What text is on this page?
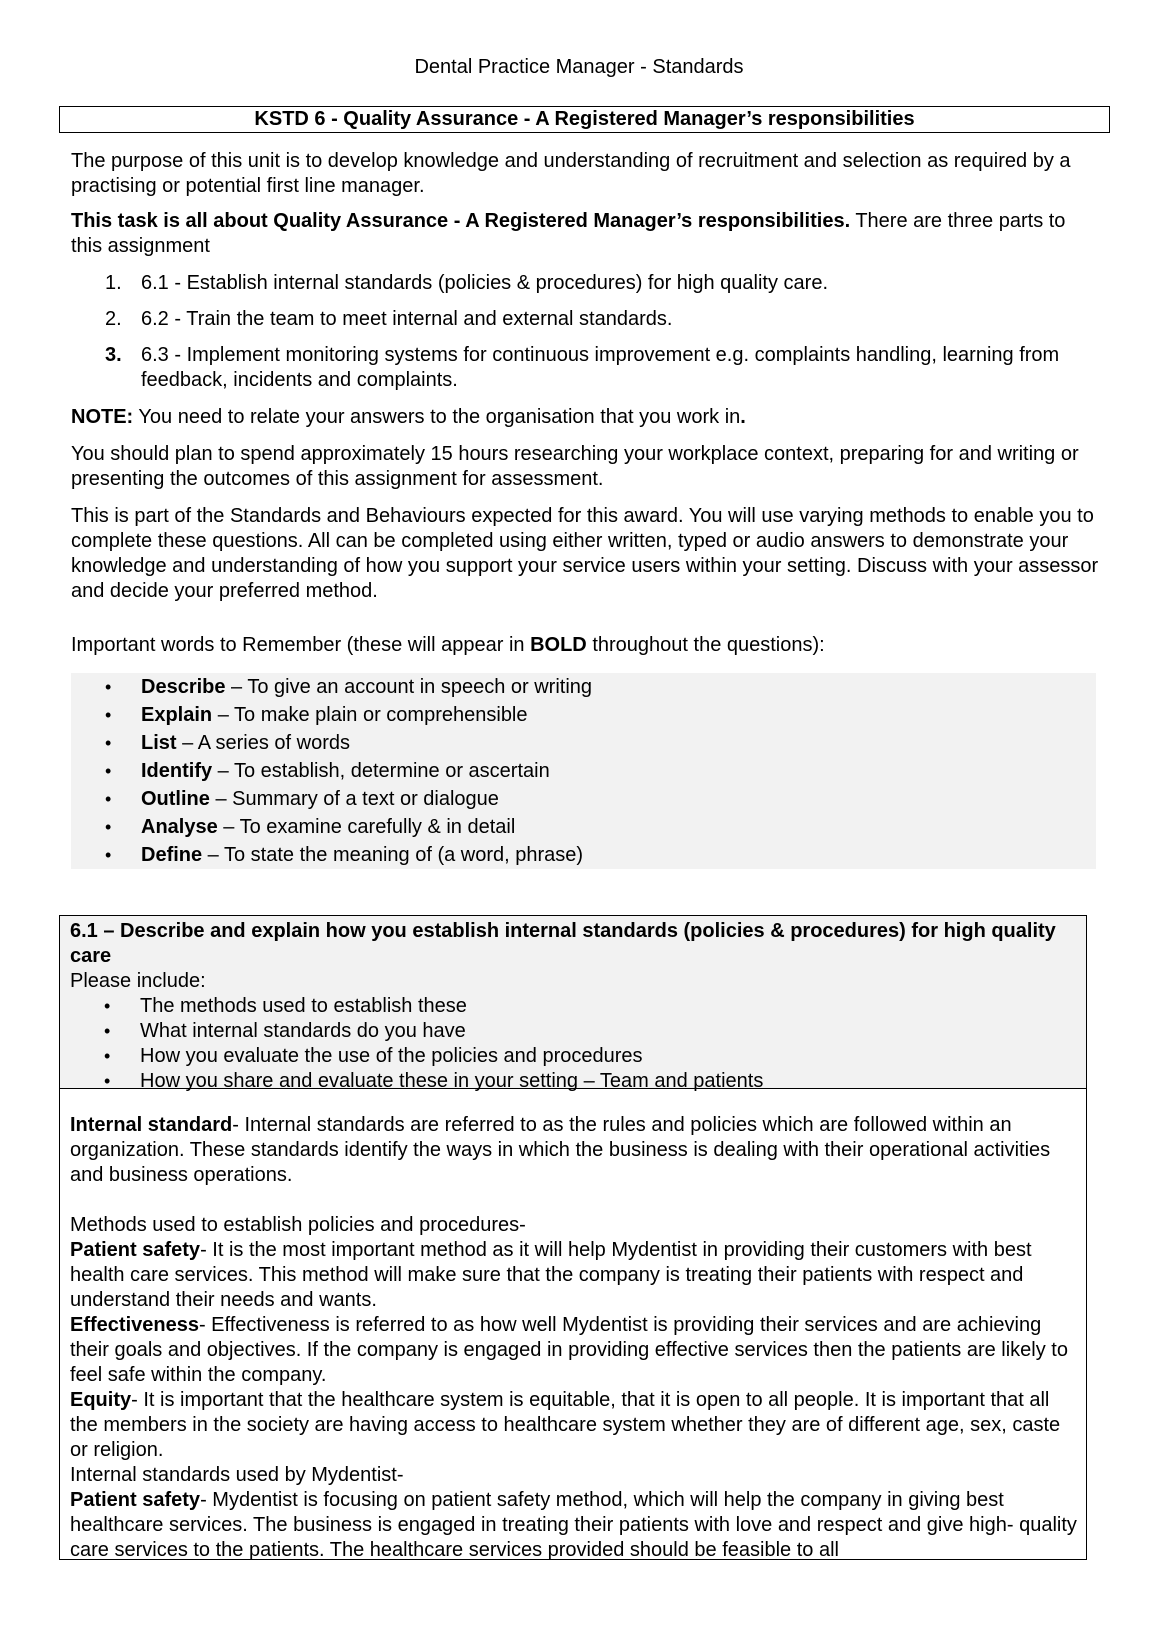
Dental Practice Manager - Standards
KSTD 6 - Quality Assurance - A Registered Manager’s responsibilities

The purpose of this unit is to develop knowledge and understanding of recruitment and selection as required by a practising or potential first line manager.

This task is all about Quality Assurance - A Registered Manager’s responsibilities. There are three parts to this assignment

1. 6.1 - Establish internal standards (policies & procedures) for high quality care.
2. 6.2 - Train the team to meet internal and external standards.
3. 6.3 - Implement monitoring systems for continuous improvement e.g. complaints handling, learning from feedback, incidents and complaints.

NOTE: You need to relate your answers to the organisation that you work in.

You should plan to spend approximately 15 hours researching your workplace context, preparing for and writing or presenting the outcomes of this assignment for assessment.

This is part of the Standards and Behaviours expected for this award. You will use varying methods to enable you to complete these questions. All can be completed using either written, typed or audio answers to demonstrate your knowledge and understanding of how you support your service users within your setting. Discuss with your assessor and decide your preferred method.

Important words to Remember (these will appear in BOLD throughout the questions):

• Describe – To give an account in speech or writing
• Explain – To make plain or comprehensible
• List – A series of words
• Identify – To establish, determine or ascertain
• Outline – Summary of a text or dialogue
• Analyse – To examine carefully & in detail
• Define – To state the meaning of (a word, phrase)

6.1 – Describe and explain how you establish internal standards (policies & procedures) for high quality care

Please include:

• The methods used to establish these
• What internal standards do you have
• How you evaluate the use of the policies and procedures
• How you share and evaluate these in your setting – Team and patients

Internal standard- Internal standards are referred to as the rules and policies which are followed within an organization. These standards identify the ways in which the business is dealing with their operational activities and business operations.

Methods used to establish policies and procedures-

Patient safety- It is the most important method as it will help Mydentist in providing their customers with best health care services. This method will make sure that the company is treating their patients with respect and understand their needs and wants.

Effectiveness- Effectiveness is referred to as how well Mydentist is providing their services and are achieving their goals and objectives. If the company is engaged in providing effective services then the patients are likely to feel safe within the company.

Equity- It is important that the healthcare system is equitable, that it is open to all people. It is important that all the members in the society are having access to healthcare system whether they are of different age, sex, caste or religion.

Internal standards used by Mydentist-

Patient safety- Mydentist is focusing on patient safety method, which will help the company in giving best healthcare services. The business is engaged in treating their patients with love and respect and give high- quality care services to the patients. The healthcare services provided should be feasible to all
